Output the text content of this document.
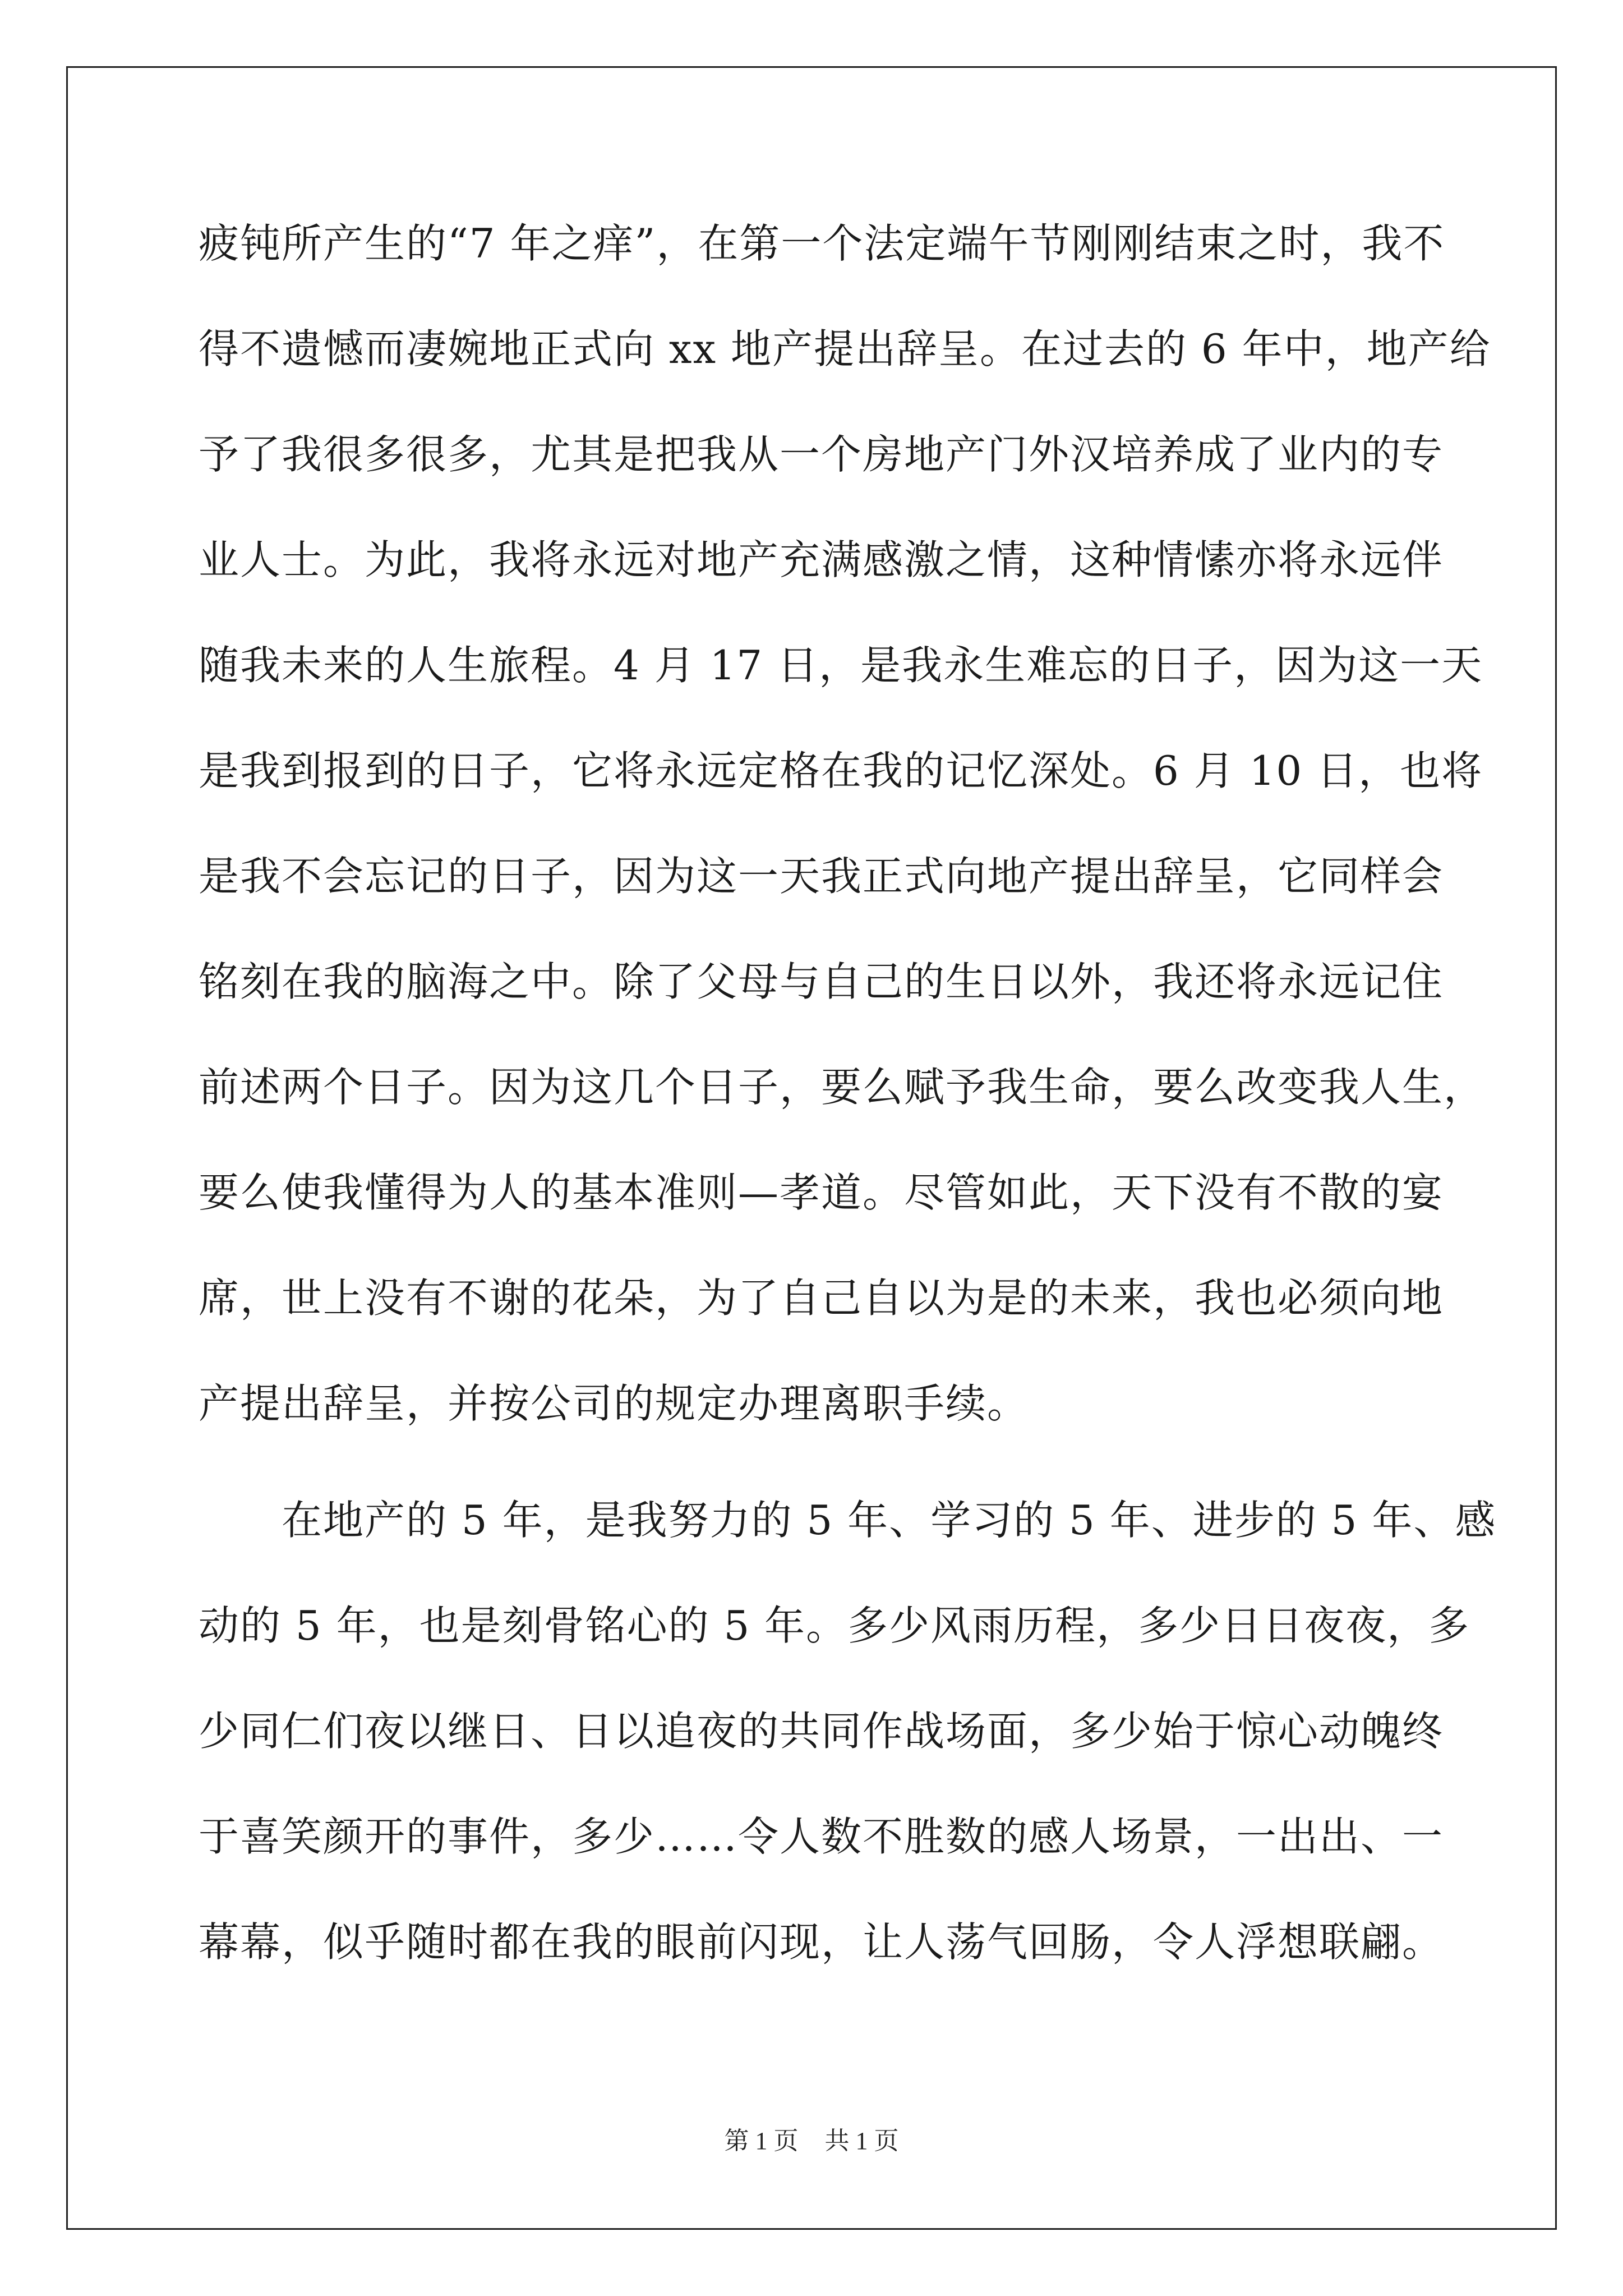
疲钝所产生的“7 年之痒”，在第一个法定端午节刚刚结束之时，我不
得不遗憾而凄婉地正式向 xx 地产提出辞呈。在过去的 6 年中，地产给
予了我很多很多，尤其是把我从一个房地产门外汉培养成了业内的专
业人士。为此，我将永远对地产充满感激之情，这种情愫亦将永远伴
随我未来的人生旅程。4 月 17 日，是我永生难忘的日子，因为这一天
是我到报到的日子，它将永远定格在我的记忆深处。6 月 10 日，也将
是我不会忘记的日子，因为这一天我正式向地产提出辞呈，它同样会
铭刻在我的脑海之中。除了父母与自己的生日以外，我还将永远记住
前述两个日子。因为这几个日子，要么赋予我生命，要么改变我人生，
要么使我懂得为人的基本准则—孝道。尽管如此，天下没有不散的宴
席，世上没有不谢的花朵，为了自己自以为是的未来，我也必须向地
产提出辞呈，并按公司的规定办理离职手续。
　　在地产的 5 年，是我努力的 5 年、学习的 5 年、进步的 5 年、感
动的 5 年，也是刻骨铭心的 5 年。多少风雨历程，多少日日夜夜，多
少同仁们夜以继日、日以追夜的共同作战场面，多少始于惊心动魄终
于喜笑颜开的事件，多少……令人数不胜数的感人场景，一出出、一
幕幕，似乎随时都在我的眼前闪现，让人荡气回肠，令人浮想联翩。
第 1 页 共 1 页
